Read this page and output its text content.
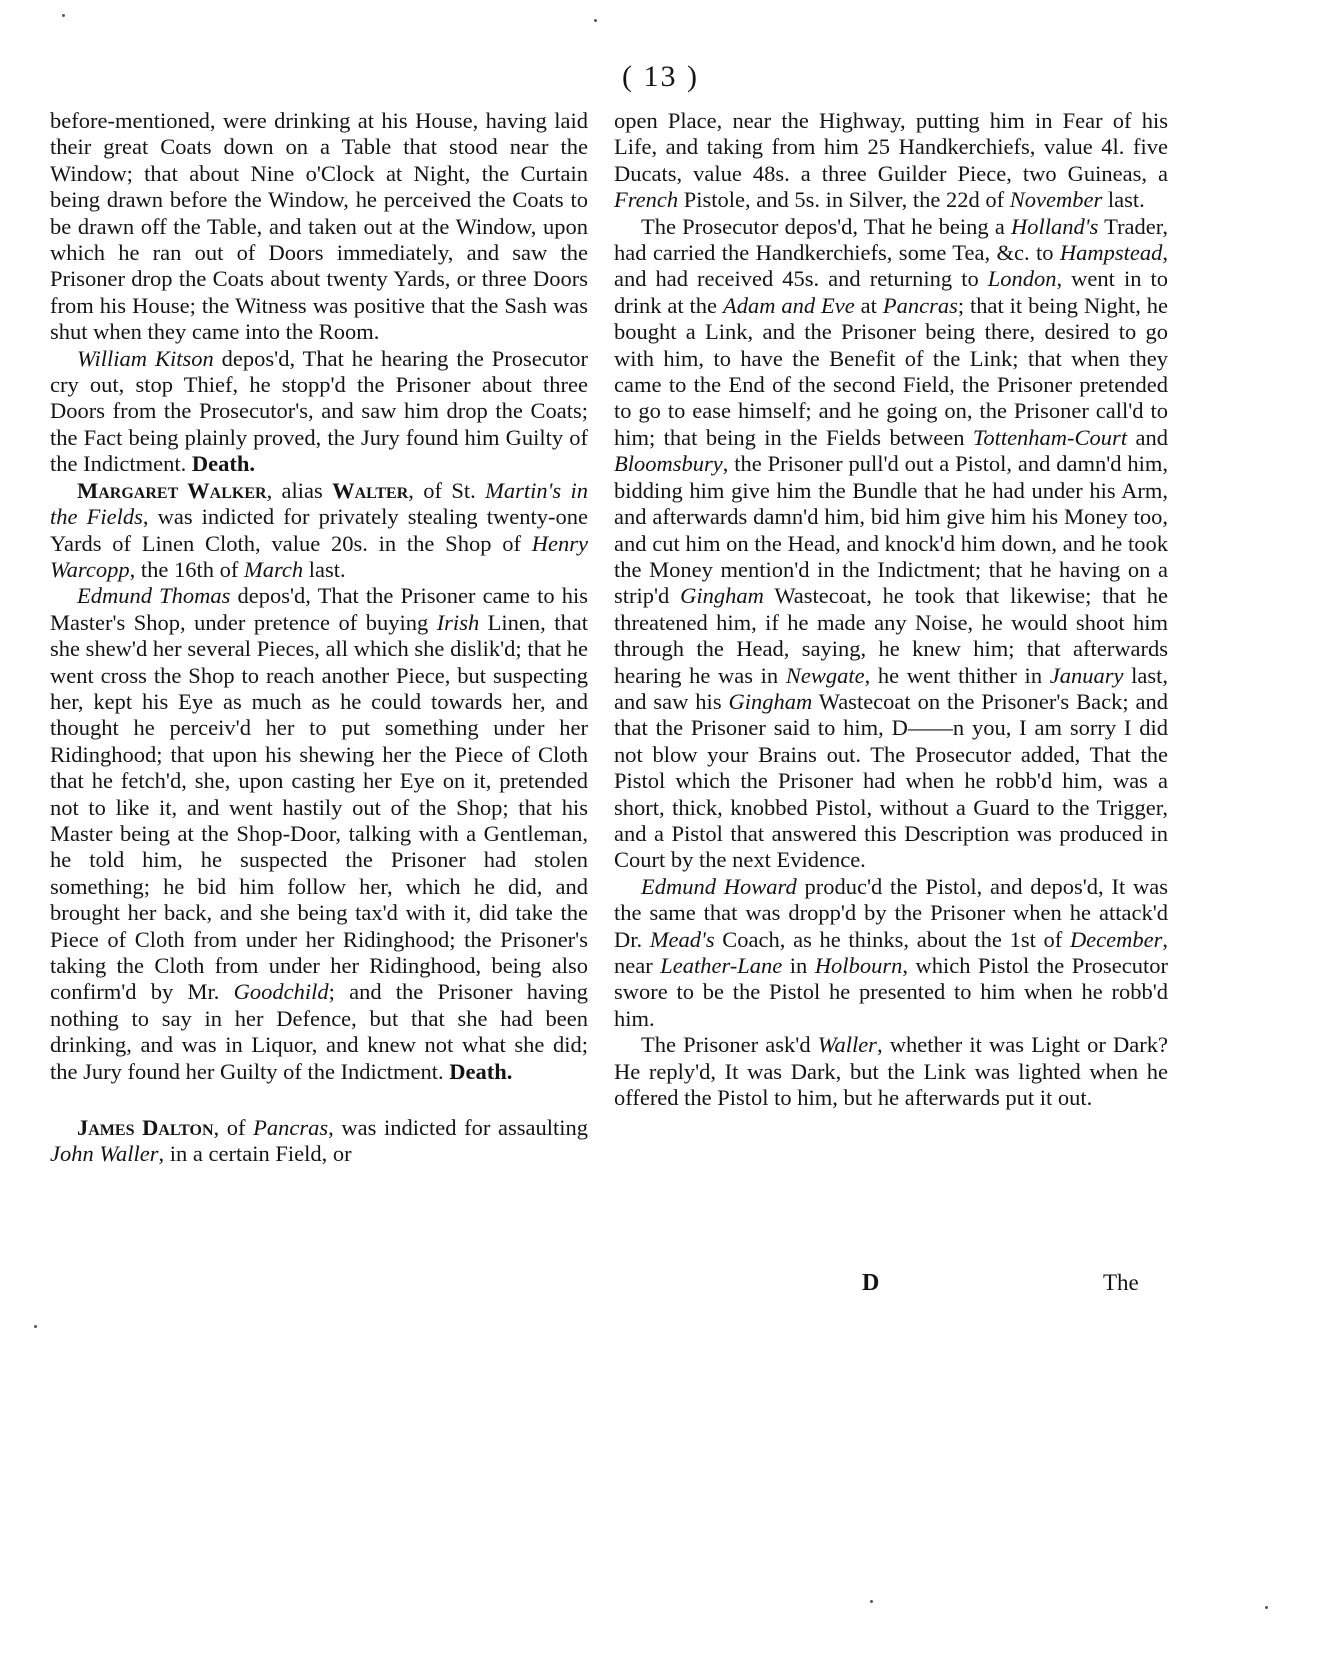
( 13 )

before-mentioned, were drinking at his House, having laid their great Coats down on a Table that stood near the Window; that about Nine o'Clock at Night, the Curtain being drawn before the Window, he perceived the Coats to be drawn off the Table, and taken out at the Window, upon which he ran out of Doors immediately, and saw the Prisoner drop the Coats about twenty Yards, or three Doors from his House; the Witness was positive that the Sash was shut when they came into the Room.

William Kitson depos'd, That he hearing the Prosecutor cry out, stop Thief, he stopp'd the Prisoner about three Doors from the Prosecutor's, and saw him drop the Coats; the Fact being plainly proved, the Jury found him Guilty of the Indictment. Death.

Margaret Walker, alias Walter, of St. Martin's in the Fields, was indicted for privately stealing twenty-one Yards of Linen Cloth, value 20s. in the Shop of Henry Warcopp, the 16th of March last.

Edmund Thomas depos'd, That the Prisoner came to his Master's Shop, under pretence of buying Irish Linen, that she shew'd her several Pieces, all which she dislik'd; that he went cross the Shop to reach another Piece, but suspecting her, kept his Eye as much as he could towards her, and thought he perceiv'd her to put something under her Ridinghood; that upon his shewing her the Piece of Cloth that he fetch'd, she, upon casting her Eye on it, pretended not to like it, and went hastily out of the Shop; that his Master being at the Shop-Door, talking with a Gentleman, he told him, he suspected the Prisoner had stolen something; he bid him follow her, which he did, and brought her back, and she being tax'd with it, did take the Piece of Cloth from under her Ridinghood; the Prisoner's taking the Cloth from under her Ridinghood, being also confirm'd by Mr. Goodchild; and the Prisoner having nothing to say in her Defence, but that she had been drinking, and was in Liquor, and knew not what she did; the Jury found her Guilty of the Indictment. Death.

James Dalton, of Pancras, was indicted for assaulting John Waller, in a certain Field, or

open Place, near the Highway, putting him in Fear of his Life, and taking from him 25 Handkerchiefs, value 4l. five Ducats, value 48s. a three Guilder Piece, two Guineas, a French Pistole, and 5s. in Silver, the 22d of November last.

The Prosecutor depos'd, That he being a Holland's Trader, had carried the Handkerchiefs, some Tea, &c. to Hampstead, and had received 45s. and returning to London, went in to drink at the Adam and Eve at Pancras; that it being Night, he bought a Link, and the Prisoner being there, desired to go with him, to have the Benefit of the Link; that when they came to the End of the second Field, the Prisoner pretended to go to ease himself; and he going on, the Prisoner call'd to him; that being in the Fields between Tottenham-Court and Bloomsbury, the Prisoner pull'd out a Pistol, and damn'd him, bidding him give him the Bundle that he had under his Arm, and afterwards damn'd him, bid him give him his Money too, and cut him on the Head, and knock'd him down, and he took the Money mention'd in the Indictment; that he having on a strip'd Gingham Wastecoat, he took that likewise; that he threatened him, if he made any Noise, he would shoot him through the Head, saying, he knew him; that afterwards hearing he was in Newgate, he went thither in January last, and saw his Gingham Wastecoat on the Prisoner's Back; and that the Prisoner said to him, D——n you, I am sorry I did not blow your Brains out. The Prosecutor added, That the Pistol which the Prisoner had when he robb'd him, was a short, thick, knobbed Pistol, without a Guard to the Trigger, and a Pistol that answered this Description was produced in Court by the next Evidence.

Edmund Howard produc'd the Pistol, and depos'd, It was the same that was dropp'd by the Prisoner when he attack'd Dr. Mead's Coach, as he thinks, about the 1st of December, near Leather-Lane in Holbourn, which Pistol the Prosecutor swore to be the Pistol he presented to him when he robb'd him.

The Prisoner ask'd Waller, whether it was Light or Dark? He reply'd, It was Dark, but the Link was lighted when he offered the Pistol to him, but he afterwards put it out.

D	The
